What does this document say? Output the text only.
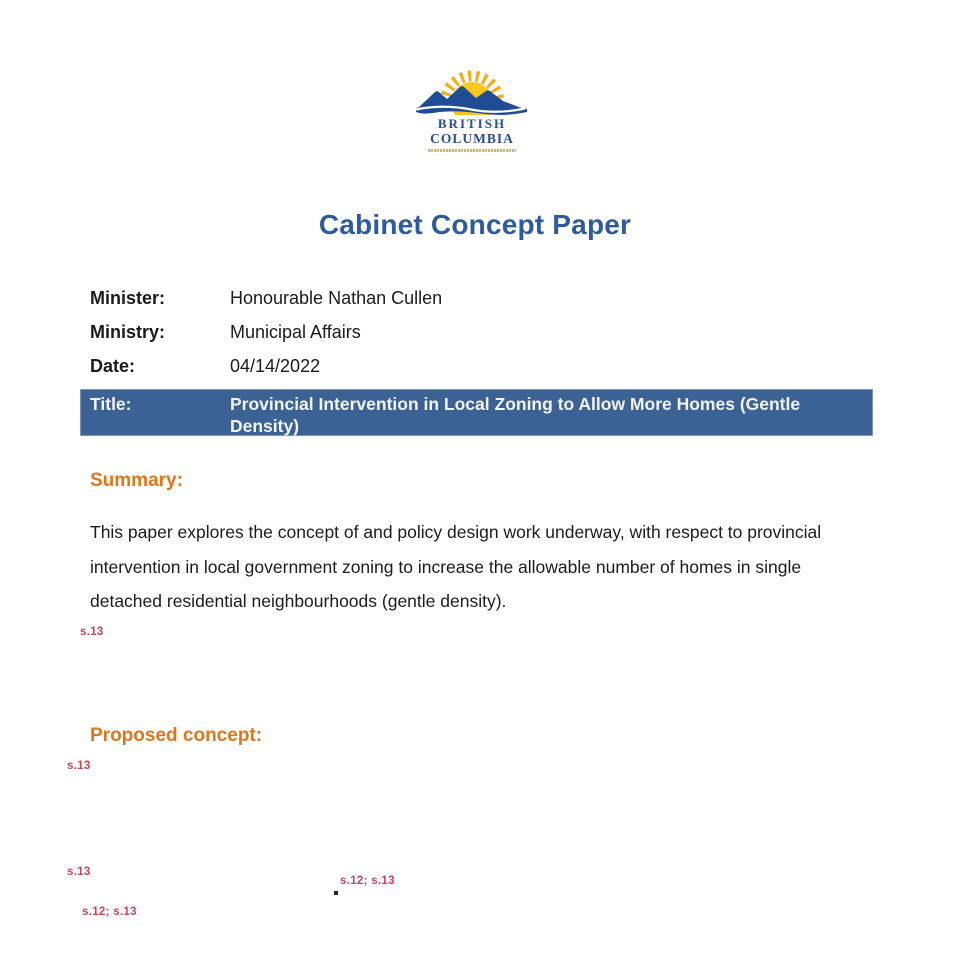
BRITISH
COLUMBIA
Cabinet Concept Paper
Minister:	Honourable Nathan Cullen
Ministry:	Municipal Affairs
Date:	04/14/2022
Title:	Provincial Intervention in Local Zoning to Allow More Homes (Gentle Density)
Summary:

This paper explores the concept of and policy design work underway, with respect to provincial intervention in local government zoning to increase the allowable number of homes in single detached residential neighbourhoods (gentle density).

s.13
Proposed concept:
s.13
s.13
s.12; s.13
s.12; s.13
